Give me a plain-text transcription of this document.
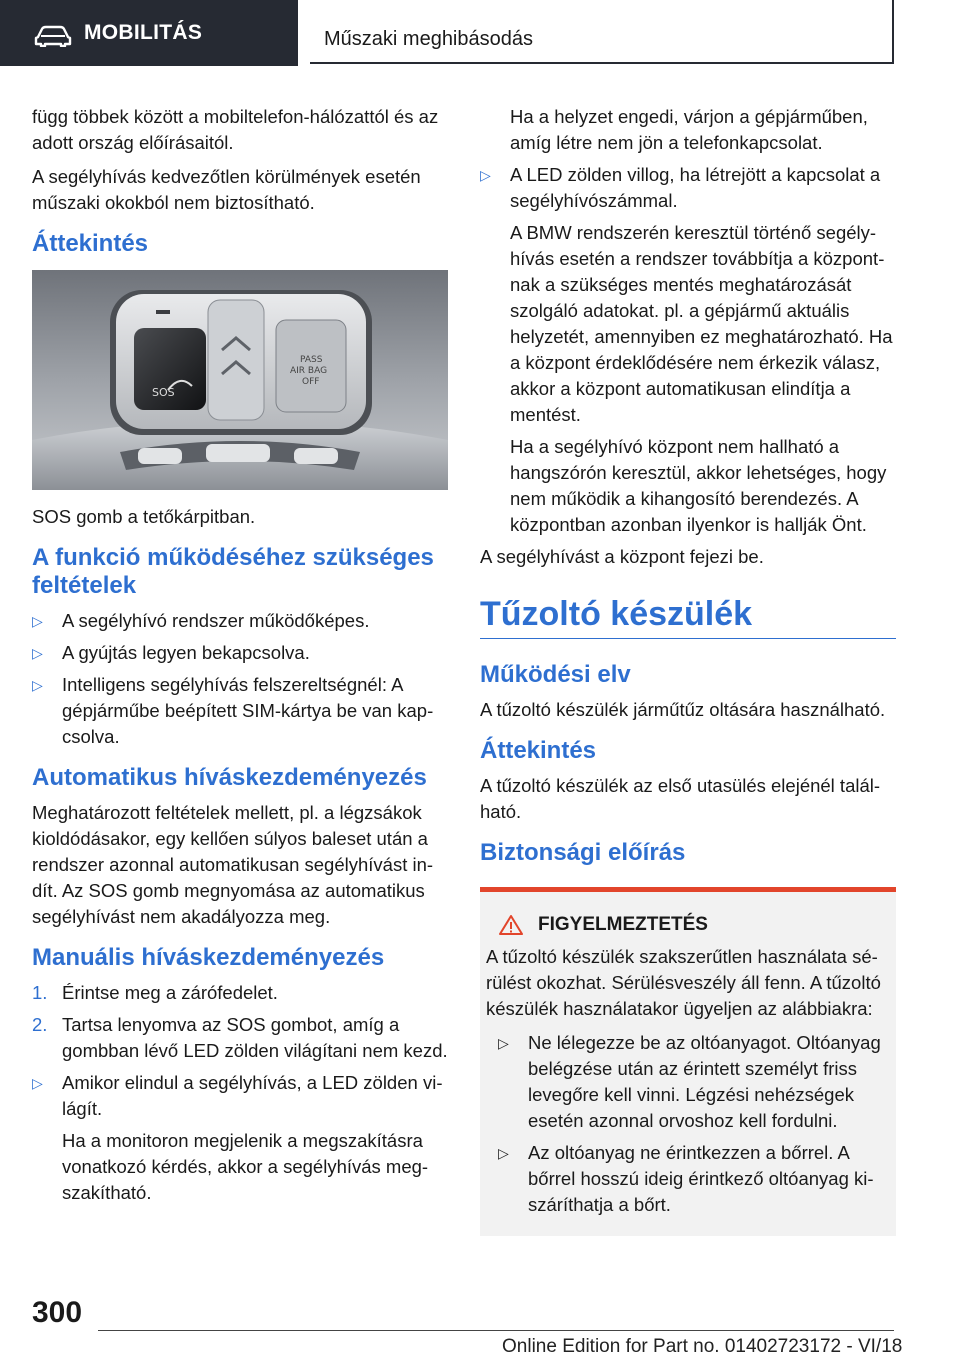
MOBILITÁS	Műszaki meghibásodás

függ többek között a mobiltelefon-hálózattól és az adott ország előírásaitól.

A segélyhívás kedvezőtlen körülmények esetén műszaki okokból nem biztosítható.

Áttekintés
SOS
PASS
AIR BAG
OFF

SOS gomb a tetőkárpitban.

A funkció működéséhez szükséges feltételek
▷	A segélyhívó rendszer működőképes.
▷	A gyújtás legyen bekapcsolva.
▷	Intelligens segélyhívás felszereltségnél: A gépjárműbe beépített SIM-kártya be van kapcsolva.
Automatikus híváskezdeményezés

Meghatározott feltételek mellett, pl. a légzsákok kioldódásakor, egy kellően súlyos baleset után a rendszer azonnal automatikusan segélyhívást indít. Az SOS gomb megnyomása az automatikus segélyhívást nem akadályozza meg.

Manuális híváskezdeményezés
1. Érintse meg a zárófedelet.
2. Tartsa lenyomva az SOS gombot, amíg a gombban lévő LED zölden világítani nem kezd.
▷	Amikor elindul a segélyhívás, a LED zölden világít.

Ha a monitoron megjelenik a megszakításra vonatkozó kérdés, akkor a segélyhívás megszakítható.

Ha a helyzet engedi, várjon a gépjárműben, amíg létre nem jön a telefonkapcsolat.

▷	A LED zölden villog, ha létrejött a kapcsolat a segélyhívószámmal.

A BMW rendszerén keresztül történő segélyhívás esetén a rendszer továbbítja a központnak a szükséges mentés meghatározását szolgáló adatokat. pl. a gépjármű aktuális helyzetét, amennyiben ez meghatározható. Ha a központ érdeklődésére nem érkezik válasz, akkor a központ automatikusan elindítja a mentést.

Ha a segélyhívó központ nem hallható a hangszórón keresztül, akkor lehetséges, hogy nem működik a kihangosító berendezés. A központban azonban ilyenkor is hallják Önt.

A segélyhívást a központ fejezi be.

Tűzoltó készülék
Működési elv

A tűzoltó készülék járműtűz oltására használható.

Áttekintés

A tűzoltó készülék az első utasülés elejénél található.

Biztonsági előírás
FIGYELMEZTETÉS

A tűzoltó készülék szakszerűtlen használata sérülést okozhat. Sérülésveszély áll fenn. A tűzoltó készülék használatakor ügyeljen az alábbiakra:

▷	Ne lélegezze be az oltóanyagot. Oltóanyag belégzése után az érintett személyt friss levegőre kell vinni. Légzési nehézségek esetén azonnal orvoshoz kell fordulni.
▷	Az oltóanyag ne érintkezzen a bőrrel. A bőrrel hosszú ideig érintkező oltóanyag kiszáríthatja a bőrt.
300
Online Edition for Part no. 01402723172 - VI/18
